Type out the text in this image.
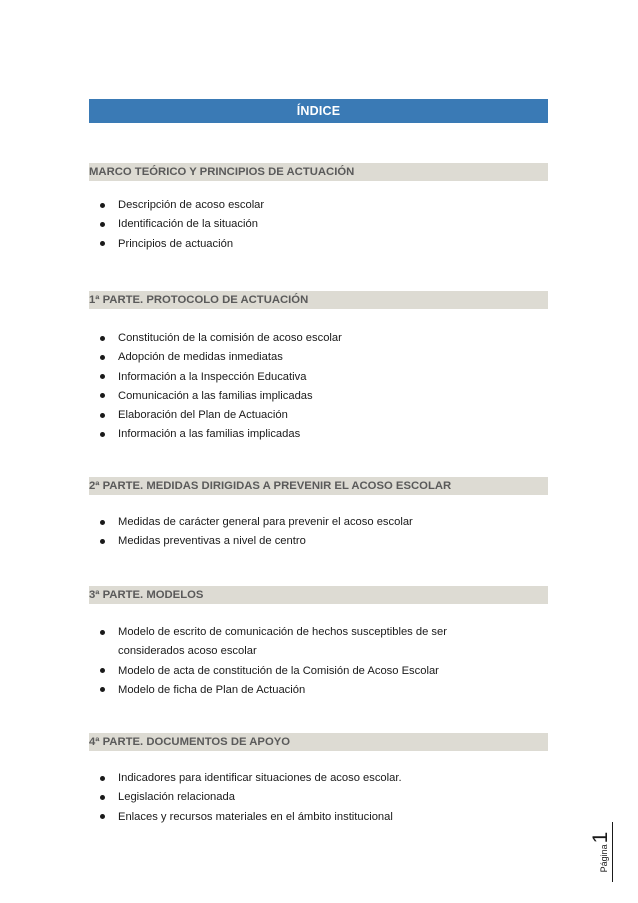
ÍNDICE
MARCO TEÓRICO Y PRINCIPIOS DE ACTUACIÓN
Descripción de acoso escolar
Identificación de la situación
Principios de actuación
1ª PARTE. PROTOCOLO DE ACTUACIÓN
Constitución de la comisión de acoso escolar
Adopción de medidas inmediatas
Información a la Inspección Educativa
Comunicación a las familias implicadas
Elaboración del Plan de Actuación
Información a las familias implicadas
2ª PARTE. MEDIDAS DIRIGIDAS A PREVENIR EL ACOSO ESCOLAR
Medidas de carácter general para prevenir el acoso escolar
Medidas preventivas a nivel de centro
3ª PARTE. MODELOS
Modelo de escrito de comunicación de hechos susceptibles de ser considerados acoso escolar
Modelo de acta de constitución de la Comisión de Acoso Escolar
Modelo de ficha de Plan de Actuación
4ª PARTE. DOCUMENTOS DE APOYO
Indicadores para identificar situaciones de acoso escolar.
Legislación relacionada
Enlaces y recursos materiales en el ámbito institucional
Página
1
